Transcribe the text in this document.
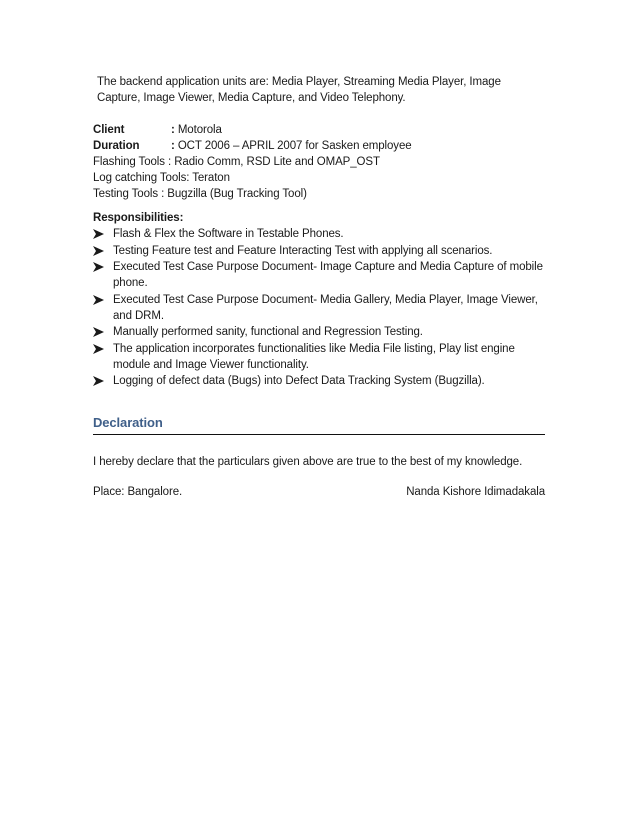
The backend application units are: Media Player, Streaming Media Player, Image
Capture, Image Viewer, Media Capture, and Video Telephony.

Client	: Motorola
Duration	: OCT 2006 – APRIL 2007 for Sasken employee
Flashing Tools : Radio Comm, RSD Lite and OMAP_OST
Log catching Tools: Teraton
Testing Tools : Bugzilla (Bug Tracking Tool)
Responsibilities:
Flash & Flex the Software in Testable Phones.
Testing Feature test and Feature Interacting Test with applying all scenarios.
Executed Test Case Purpose Document- Image Capture and Media Capture of mobile phone.
Executed Test Case Purpose Document- Media Gallery, Media Player, Image Viewer, and DRM.
Manually performed sanity, functional and Regression Testing.
The application incorporates functionalities like Media File listing, Play list engine module and Image Viewer functionality.
Logging of defect data (Bugs) into Defect Data Tracking System (Bugzilla).
Declaration
I hereby declare that the particulars given above are true to the best of my knowledge.
Place: Bangalore.	Nanda Kishore Idimadakala
